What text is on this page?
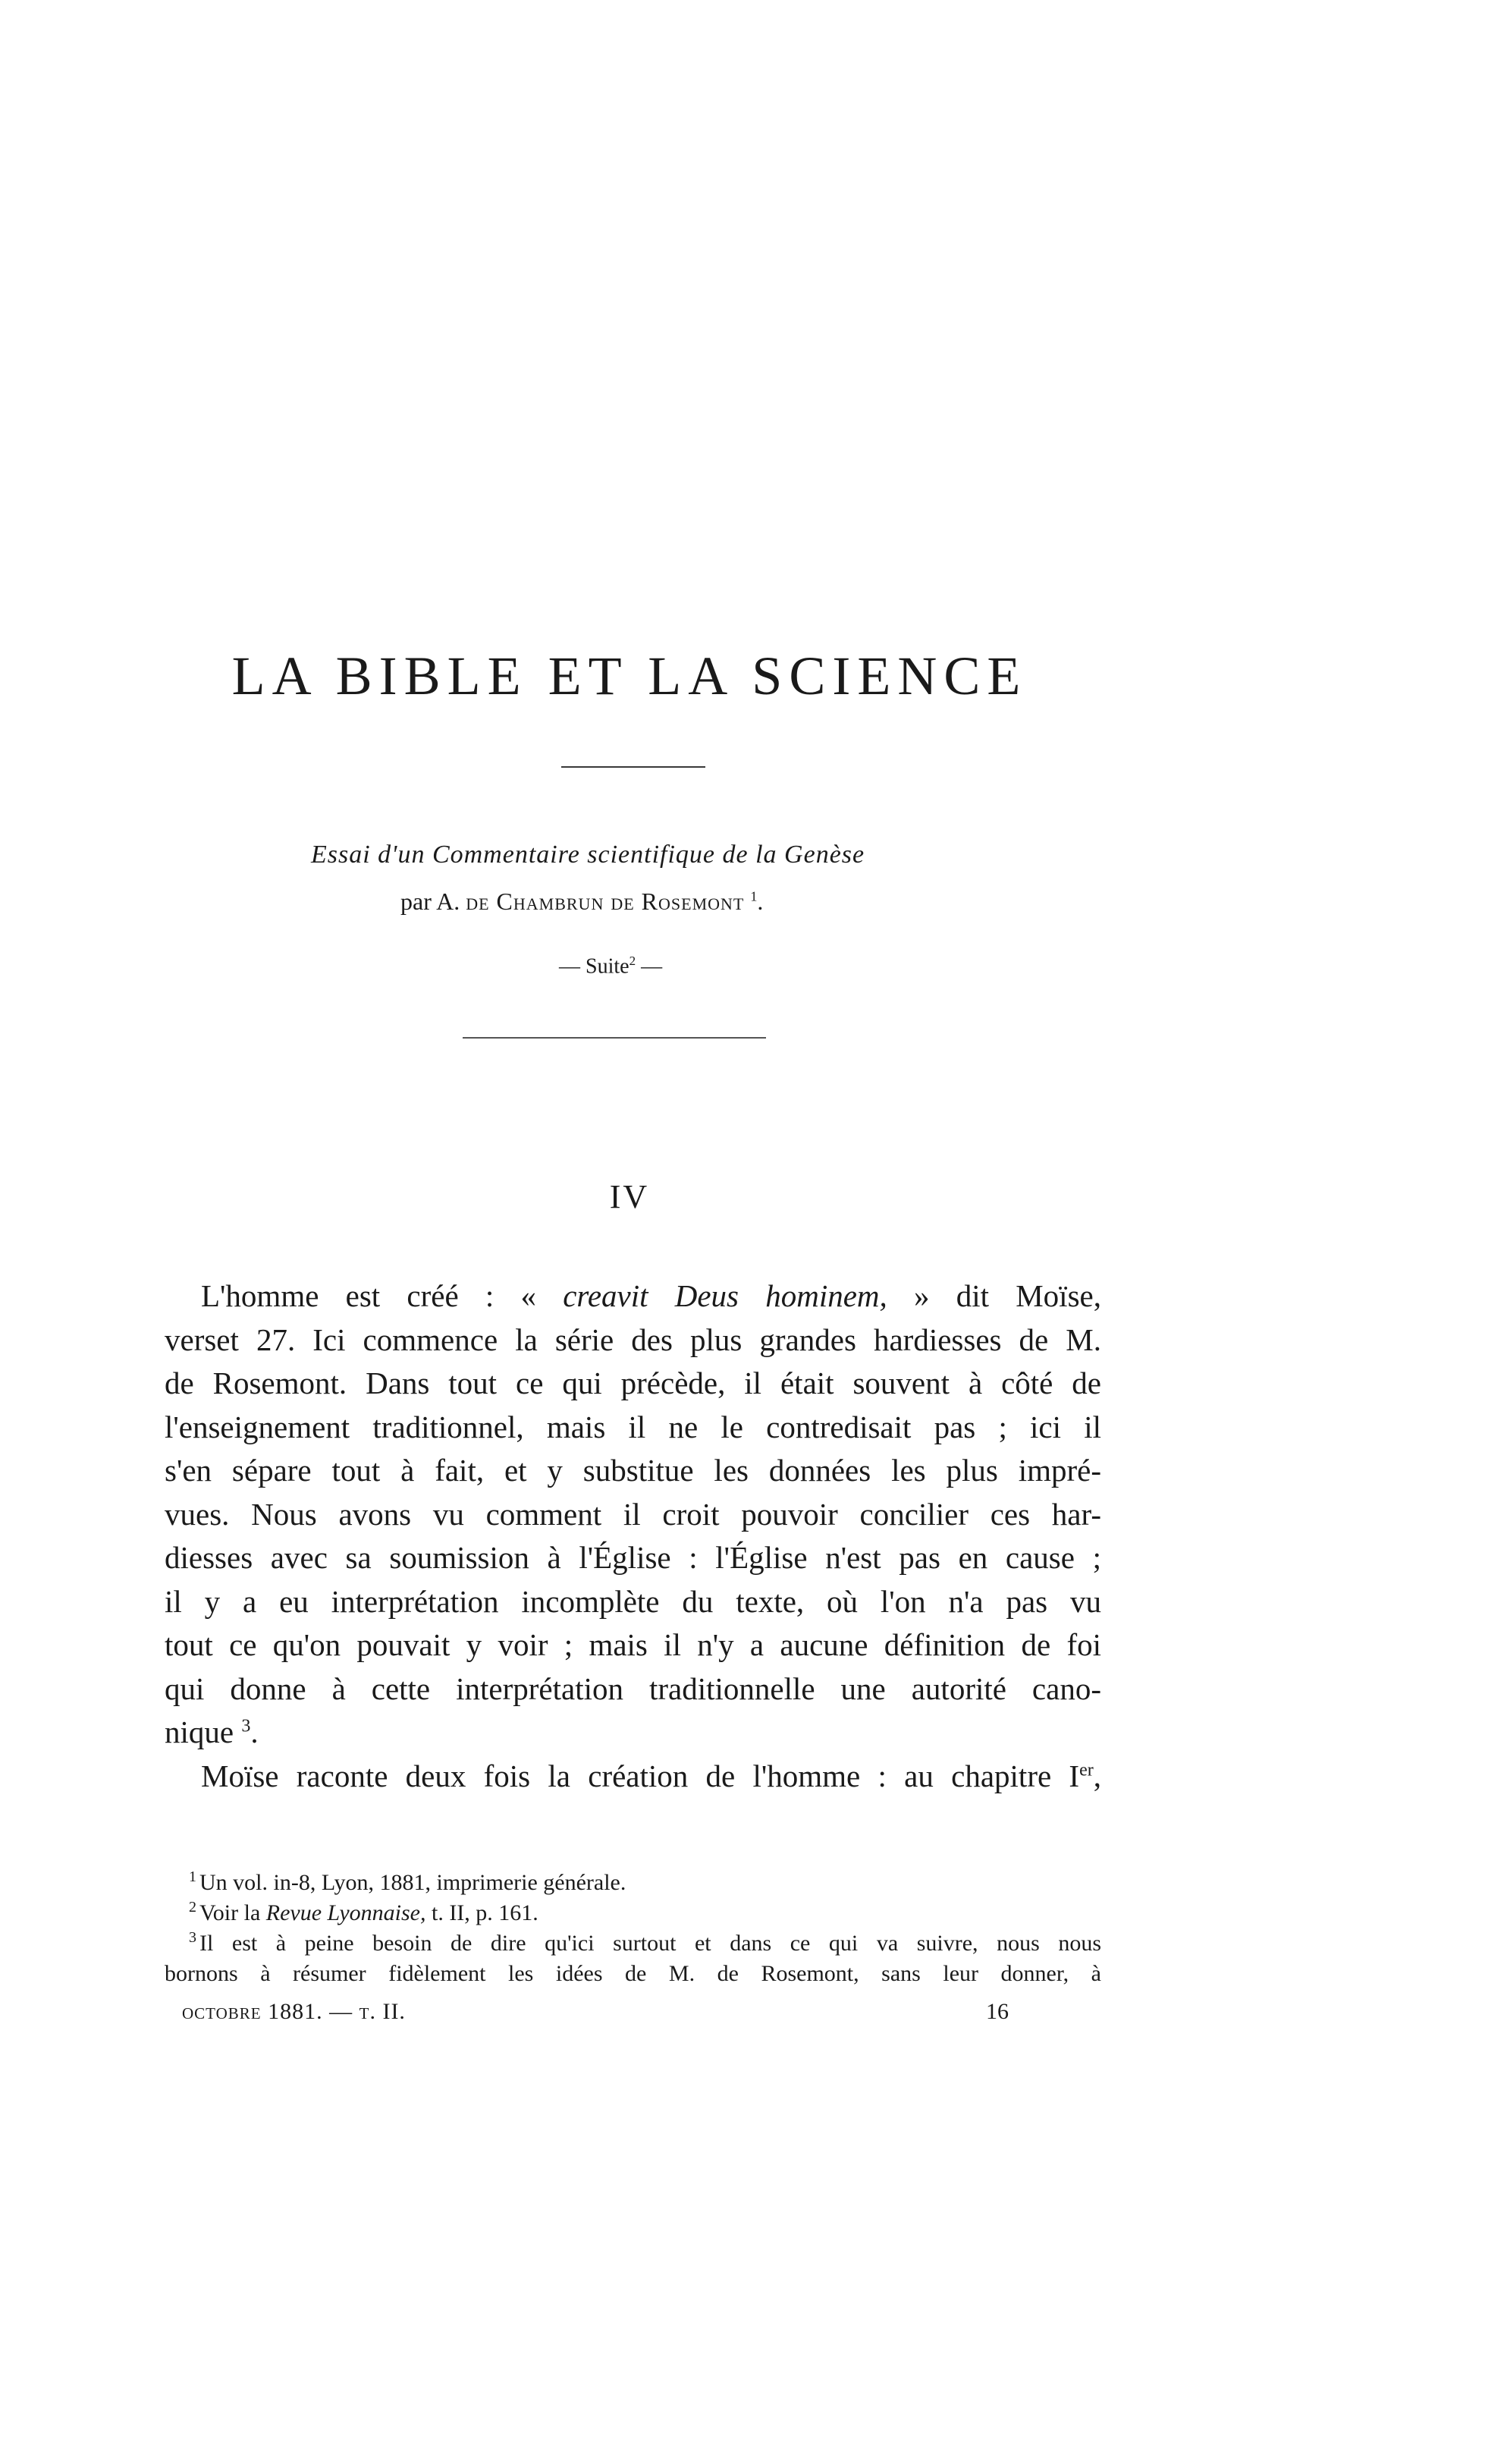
LA BIBLE ET LA SCIENCE
Essai d'un Commentaire scientifique de la Genèse
par A. de Chambrun de Rosemont $^1$.
— Suite$^2$ —
IV
L'homme est créé : « creavit Deus hominem, » dit Moïse,
verset 27. Ici commence la série des plus grandes hardiesses de M.
de Rosemont. Dans tout ce qui précède, il était souvent à côté de
l'enseignement traditionnel, mais il ne le contredisait pas ; ici il
s'en sépare tout à fait, et y substitue les données les plus impré-
vues. Nous avons vu comment il croit pouvoir concilier ces har-
diesses avec sa soumission à l'Église : l'Église n'est pas en cause ;
il y a eu interprétation incomplète du texte, où l'on n'a pas vu
tout ce qu'on pouvait y voir ; mais il n'y a aucune définition de foi
qui donne à cette interprétation traditionnelle une autorité cano-
nique $^3$.
Moïse raconte deux fois la création de l'homme : au chapitre Ier,
$^1$ Un vol. in-8, Lyon, 1881, imprimerie générale.
$^2$ Voir la Revue Lyonnaise, t. II, p. 161.
$^3$ Il est à peine besoin de dire qu'ici surtout et dans ce qui va suivre, nous nous
bornons à résumer fidèlement les idées de M. de Rosemont, sans leur donner, à
octobre 1881. — t. II.	16
